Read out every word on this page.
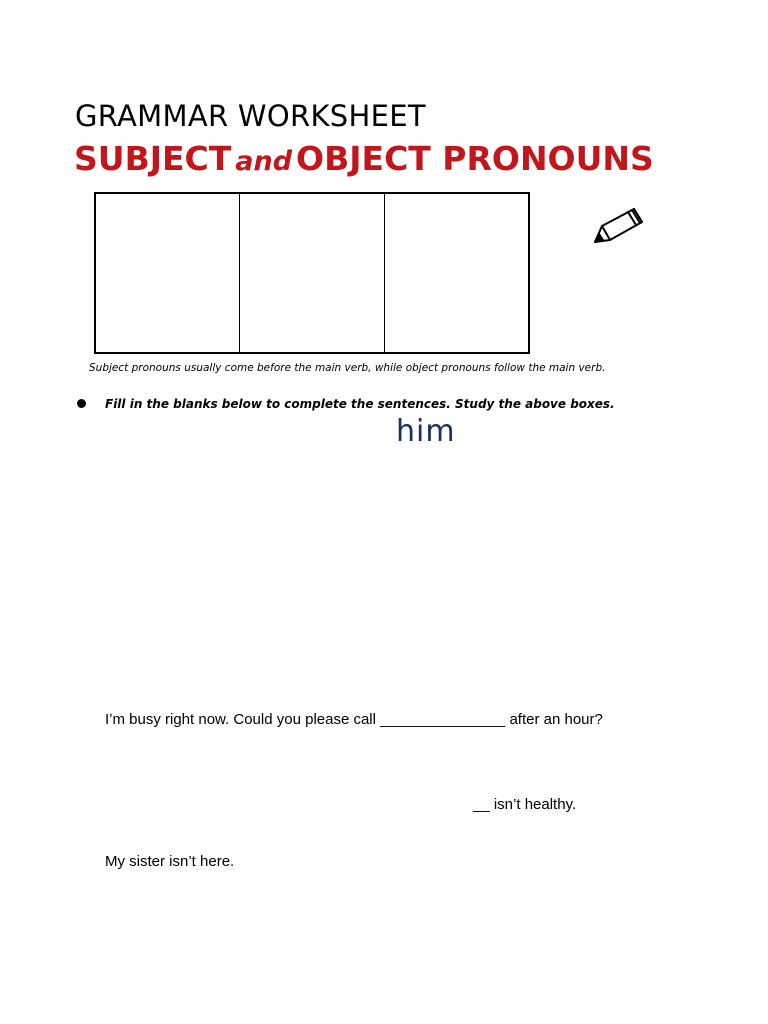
GRAMMAR WORKSHEET
SUBJECT and OBJECT PRONOUNS
Subject pronouns usually come before the main verb, while object pronouns follow the main verb.
Fill in the blanks below to complete the sentences. Study the above boxes.
him
I’m busy right now. Could you please call _______________ after an hour?
__ isn’t healthy.
My sister isn’t here.
